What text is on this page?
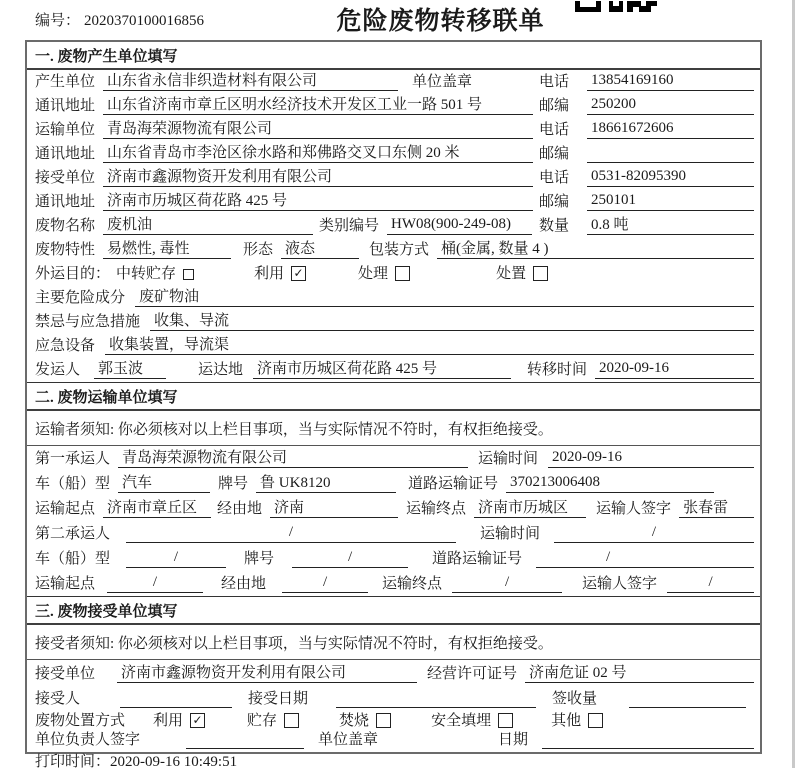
编号： 2020370100016856	危险废物转移联单
一. 废物产生单位填写
产生单位 山东省永信非织造材料有限公司	单位盖章	电话	13854169160
通讯地址 山东省济南市章丘区明水经济技术开发区工业一路 501 号	邮编	250200
运输单位 青岛海荣源物流有限公司	电话	18661672606
通讯地址 山东省青岛市李沧区徐水路和郑佛路交叉口东侧 20 米	邮编
接受单位 济南市鑫源物资开发利用有限公司	电话	0531-82095390
通讯地址 济南市历城区荷花路 425 号	邮编	250101
废物名称 废机油	类别编号 HW08(900-249-08)	数量	0.8 吨
废物特性 易燃性, 毒性	形态 液态	包装方式 桶(金属, 数量 4 )
外运目的： 中转贮存	利用 ✓	处理	处置
主要危险成分 废矿物油
禁忌与应急措施 收集、导流
应急设备 收集装置，导流渠
发运人 郭玉波	运达地 济南市历城区荷花路 425 号	转移时间 2020-09-16
二. 废物运输单位填写
运输者须知: 你必须核对以上栏目事项，当与实际情况不符时，有权拒绝接受。
第一承运人 青岛海荣源物流有限公司	运输时间 2020-09-16
车（船）型 汽车	牌号 鲁 UK8120	道路运输证号 370213006408
运输起点 济南市章丘区	经由地 济南	运输终点 济南市历城区	运输人签字 张春雷
第二承运人	/	运输时间	/
车（船）型	/	牌号	/	道路运输证号	/
运输起点	/	经由地	/	运输终点	/	运输人签字	/
三. 废物接受单位填写
接受者须知: 你必须核对以上栏目事项，当与实际情况不符时，有权拒绝接受。
接受单位 济南市鑫源物资开发利用有限公司	经营许可证号 济南危证 02 号
接受人	接受日期	签收量
废物处置方式 利用 ✓	贮存	焚烧	安全填埋	其他
单位负责人签字	单位盖章	日期
打印时间：2020-09-16 10:49:51
